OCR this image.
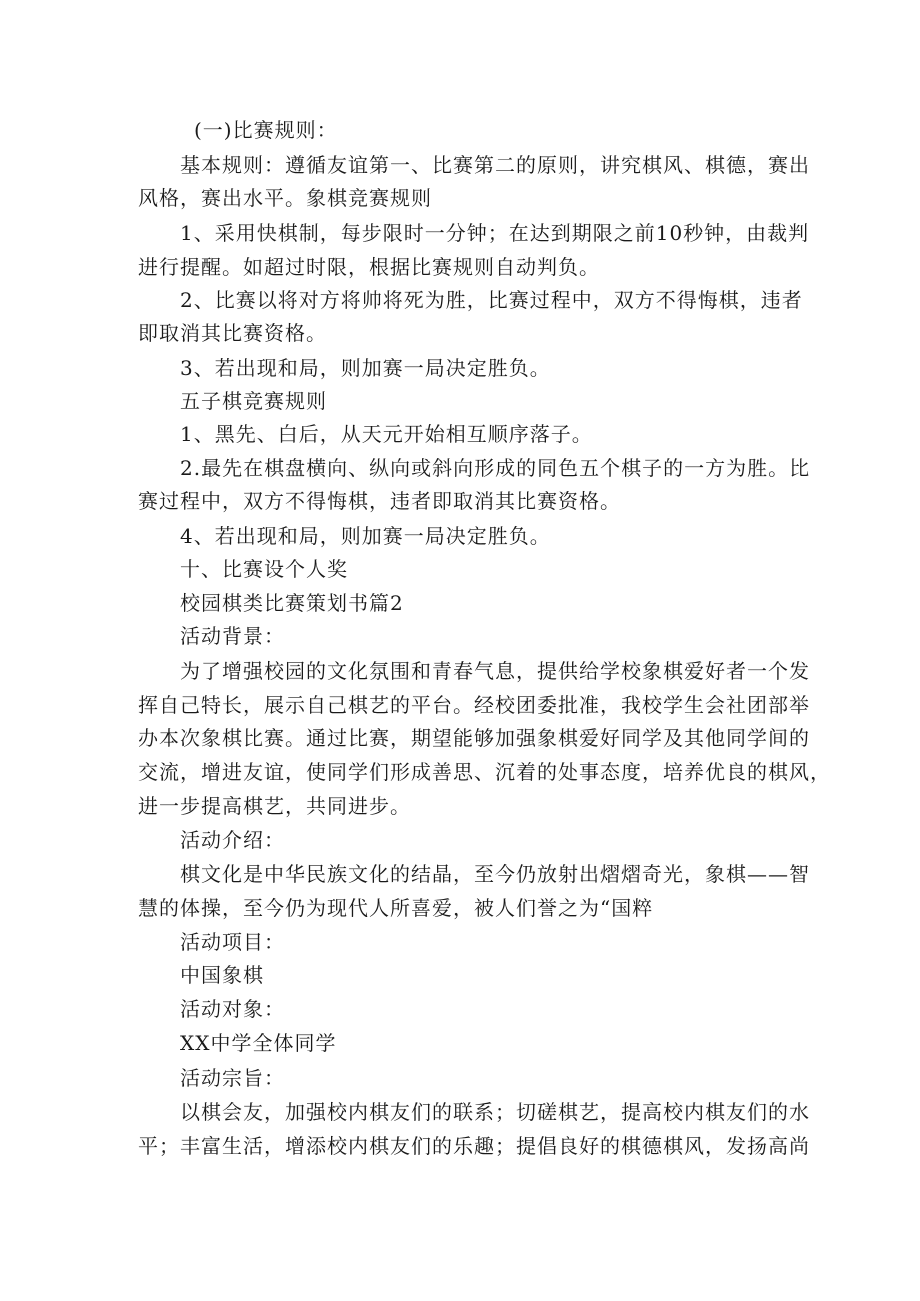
(一)比赛规则：
基本规则：遵循友谊第一、比赛第二的原则，讲究棋风、棋德，赛出
风格，赛出水平。象棋竞赛规则
1、采用快棋制，每步限时一分钟；在达到期限之前10秒钟，由裁判
进行提醒。如超过时限，根据比赛规则自动判负。
2、比赛以将对方将帅将死为胜，比赛过程中，双方不得悔棋，违者
即取消其比赛资格。
3、若出现和局，则加赛一局决定胜负。
五子棋竞赛规则
1、黑先、白后，从天元开始相互顺序落子。
2.最先在棋盘横向、纵向或斜向形成的同色五个棋子的一方为胜。比
赛过程中，双方不得悔棋，违者即取消其比赛资格。
4、若出现和局，则加赛一局决定胜负。
十、比赛设个人奖
校园棋类比赛策划书篇2
活动背景：
为了增强校园的文化氛围和青春气息，提供给学校象棋爱好者一个发
挥自己特长，展示自己棋艺的平台。经校团委批准，我校学生会社团部举
办本次象棋比赛。通过比赛，期望能够加强象棋爱好同学及其他同学间的
交流，增进友谊，使同学们形成善思、沉着的处事态度，培养优良的棋风，
进一步提高棋艺，共同进步。
活动介绍：
棋文化是中华民族文化的结晶，至今仍放射出熠熠奇光，象棋——智
慧的体操，至今仍为现代人所喜爱，被人们誉之为“国粹
活动项目：
中国象棋
活动对象：
XX中学全体同学
活动宗旨：
以棋会友，加强校内棋友们的联系；切磋棋艺，提高校内棋友们的水
平；丰富生活，增添校内棋友们的乐趣；提倡良好的棋德棋风，发扬高尚
